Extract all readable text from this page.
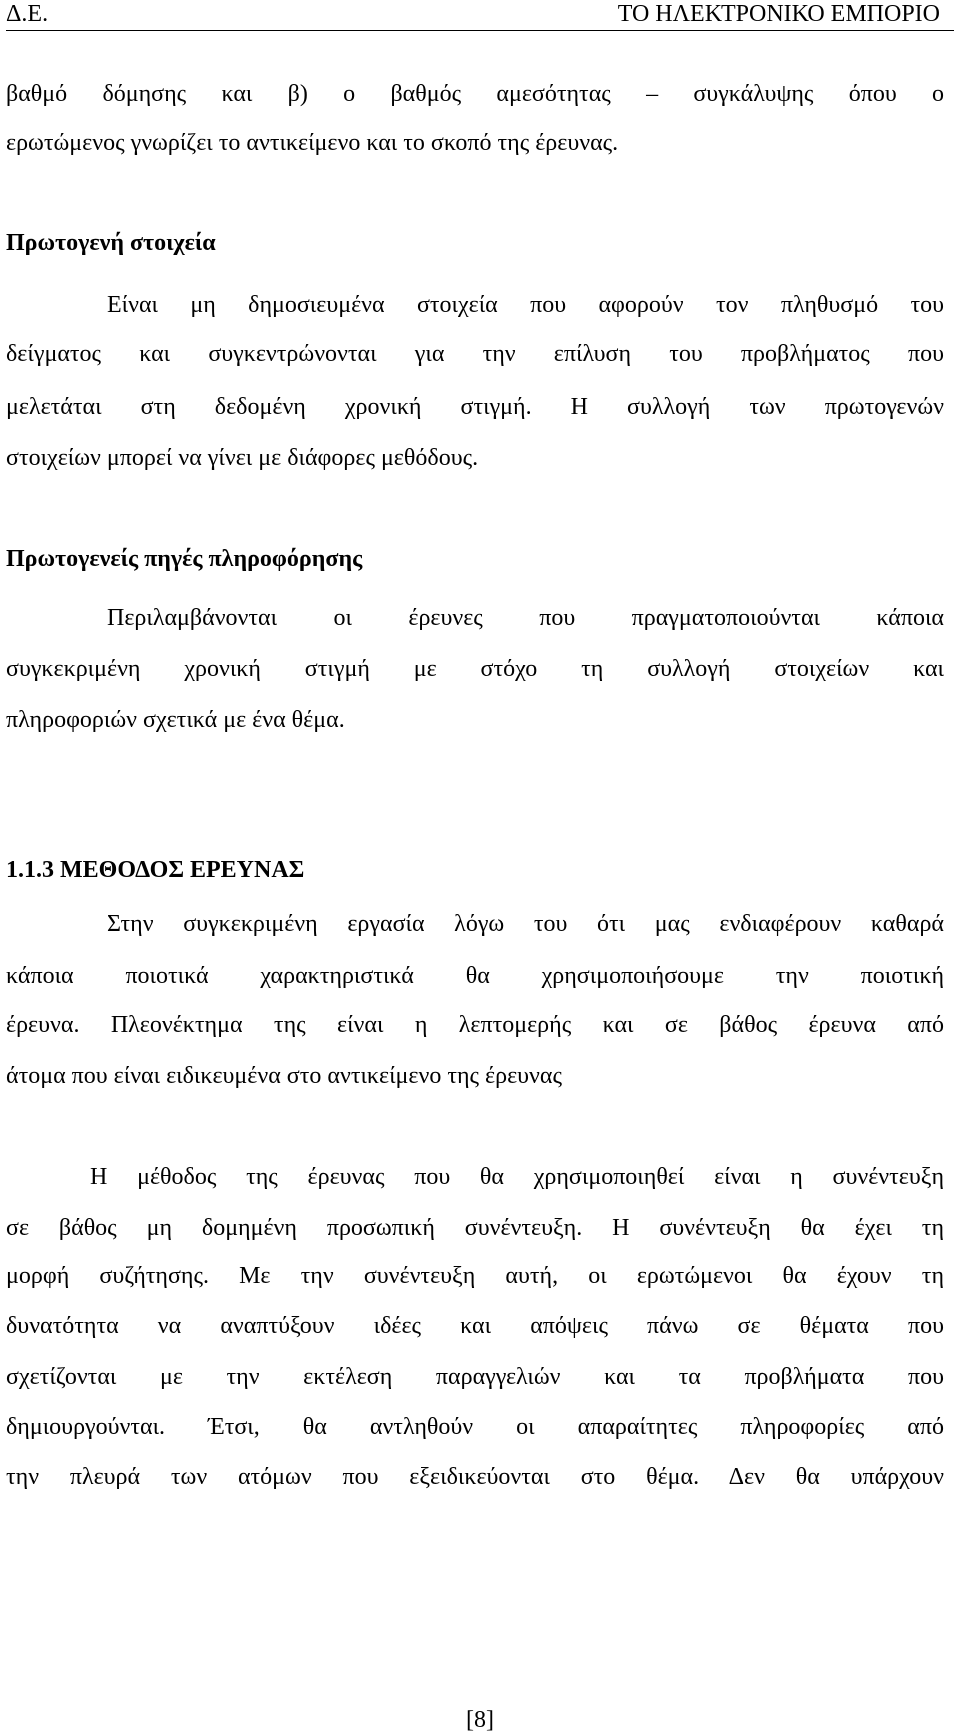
Δ.Ε.	ΤΟ ΗΛΕΚΤΡΟΝΙΚΟ ΕΜΠΟΡΙΟ
βαθμό δόμησης και β) ο βαθμός αμεσότητας – συγκάλυψης όπου ο
ερωτώμενος γνωρίζει το αντικείμενο και το σκοπό της έρευνας.
Πρωτογενή στοιχεία
Είναι μη δημοσιευμένα στοιχεία που αφορούν τον πληθυσμό του
δείγματος και συγκεντρώνονται για την επίλυση του προβλήματος που
μελετάται στη δεδομένη χρονική στιγμή. Η συλλογή των πρωτογενών
στοιχείων μπορεί να γίνει με διάφορες μεθόδους.
Πρωτογενείς πηγές πληροφόρησης
Περιλαμβάνονται οι έρευνες που πραγματοποιούνται κάποια
συγκεκριμένη χρονική στιγμή με στόχο τη συλλογή στοιχείων και
πληροφοριών σχετικά με ένα θέμα.
1.1.3 ΜΕΘΟΔΟΣ ΕΡΕΥΝΑΣ
Στην συγκεκριμένη εργασία λόγω του ότι μας ενδιαφέρουν καθαρά
κάποια ποιοτικά χαρακτηριστικά θα χρησιμοποιήσουμε την ποιοτική
έρευνα. Πλεονέκτημα της είναι η λεπτομερής και σε βάθος έρευνα από
άτομα που είναι ειδικευμένα στο αντικείμενο της έρευνας
Η μέθοδος της έρευνας που θα χρησιμοποιηθεί είναι η συνέντευξη
σε βάθος μη δομημένη προσωπική συνέντευξη. Η συνέντευξη θα έχει τη
μορφή συζήτησης. Με την συνέντευξη αυτή, οι ερωτώμενοι θα έχουν τη
δυνατότητα να αναπτύξουν ιδέες και απόψεις πάνω σε θέματα που
σχετίζονται με την εκτέλεση παραγγελιών και τα προβλήματα που
δημιουργούνται. Έτσι, θα αντληθούν οι απαραίτητες πληροφορίες από
την πλευρά των ατόμων που εξειδικεύονται στο θέμα. Δεν θα υπάρχουν
[8]
